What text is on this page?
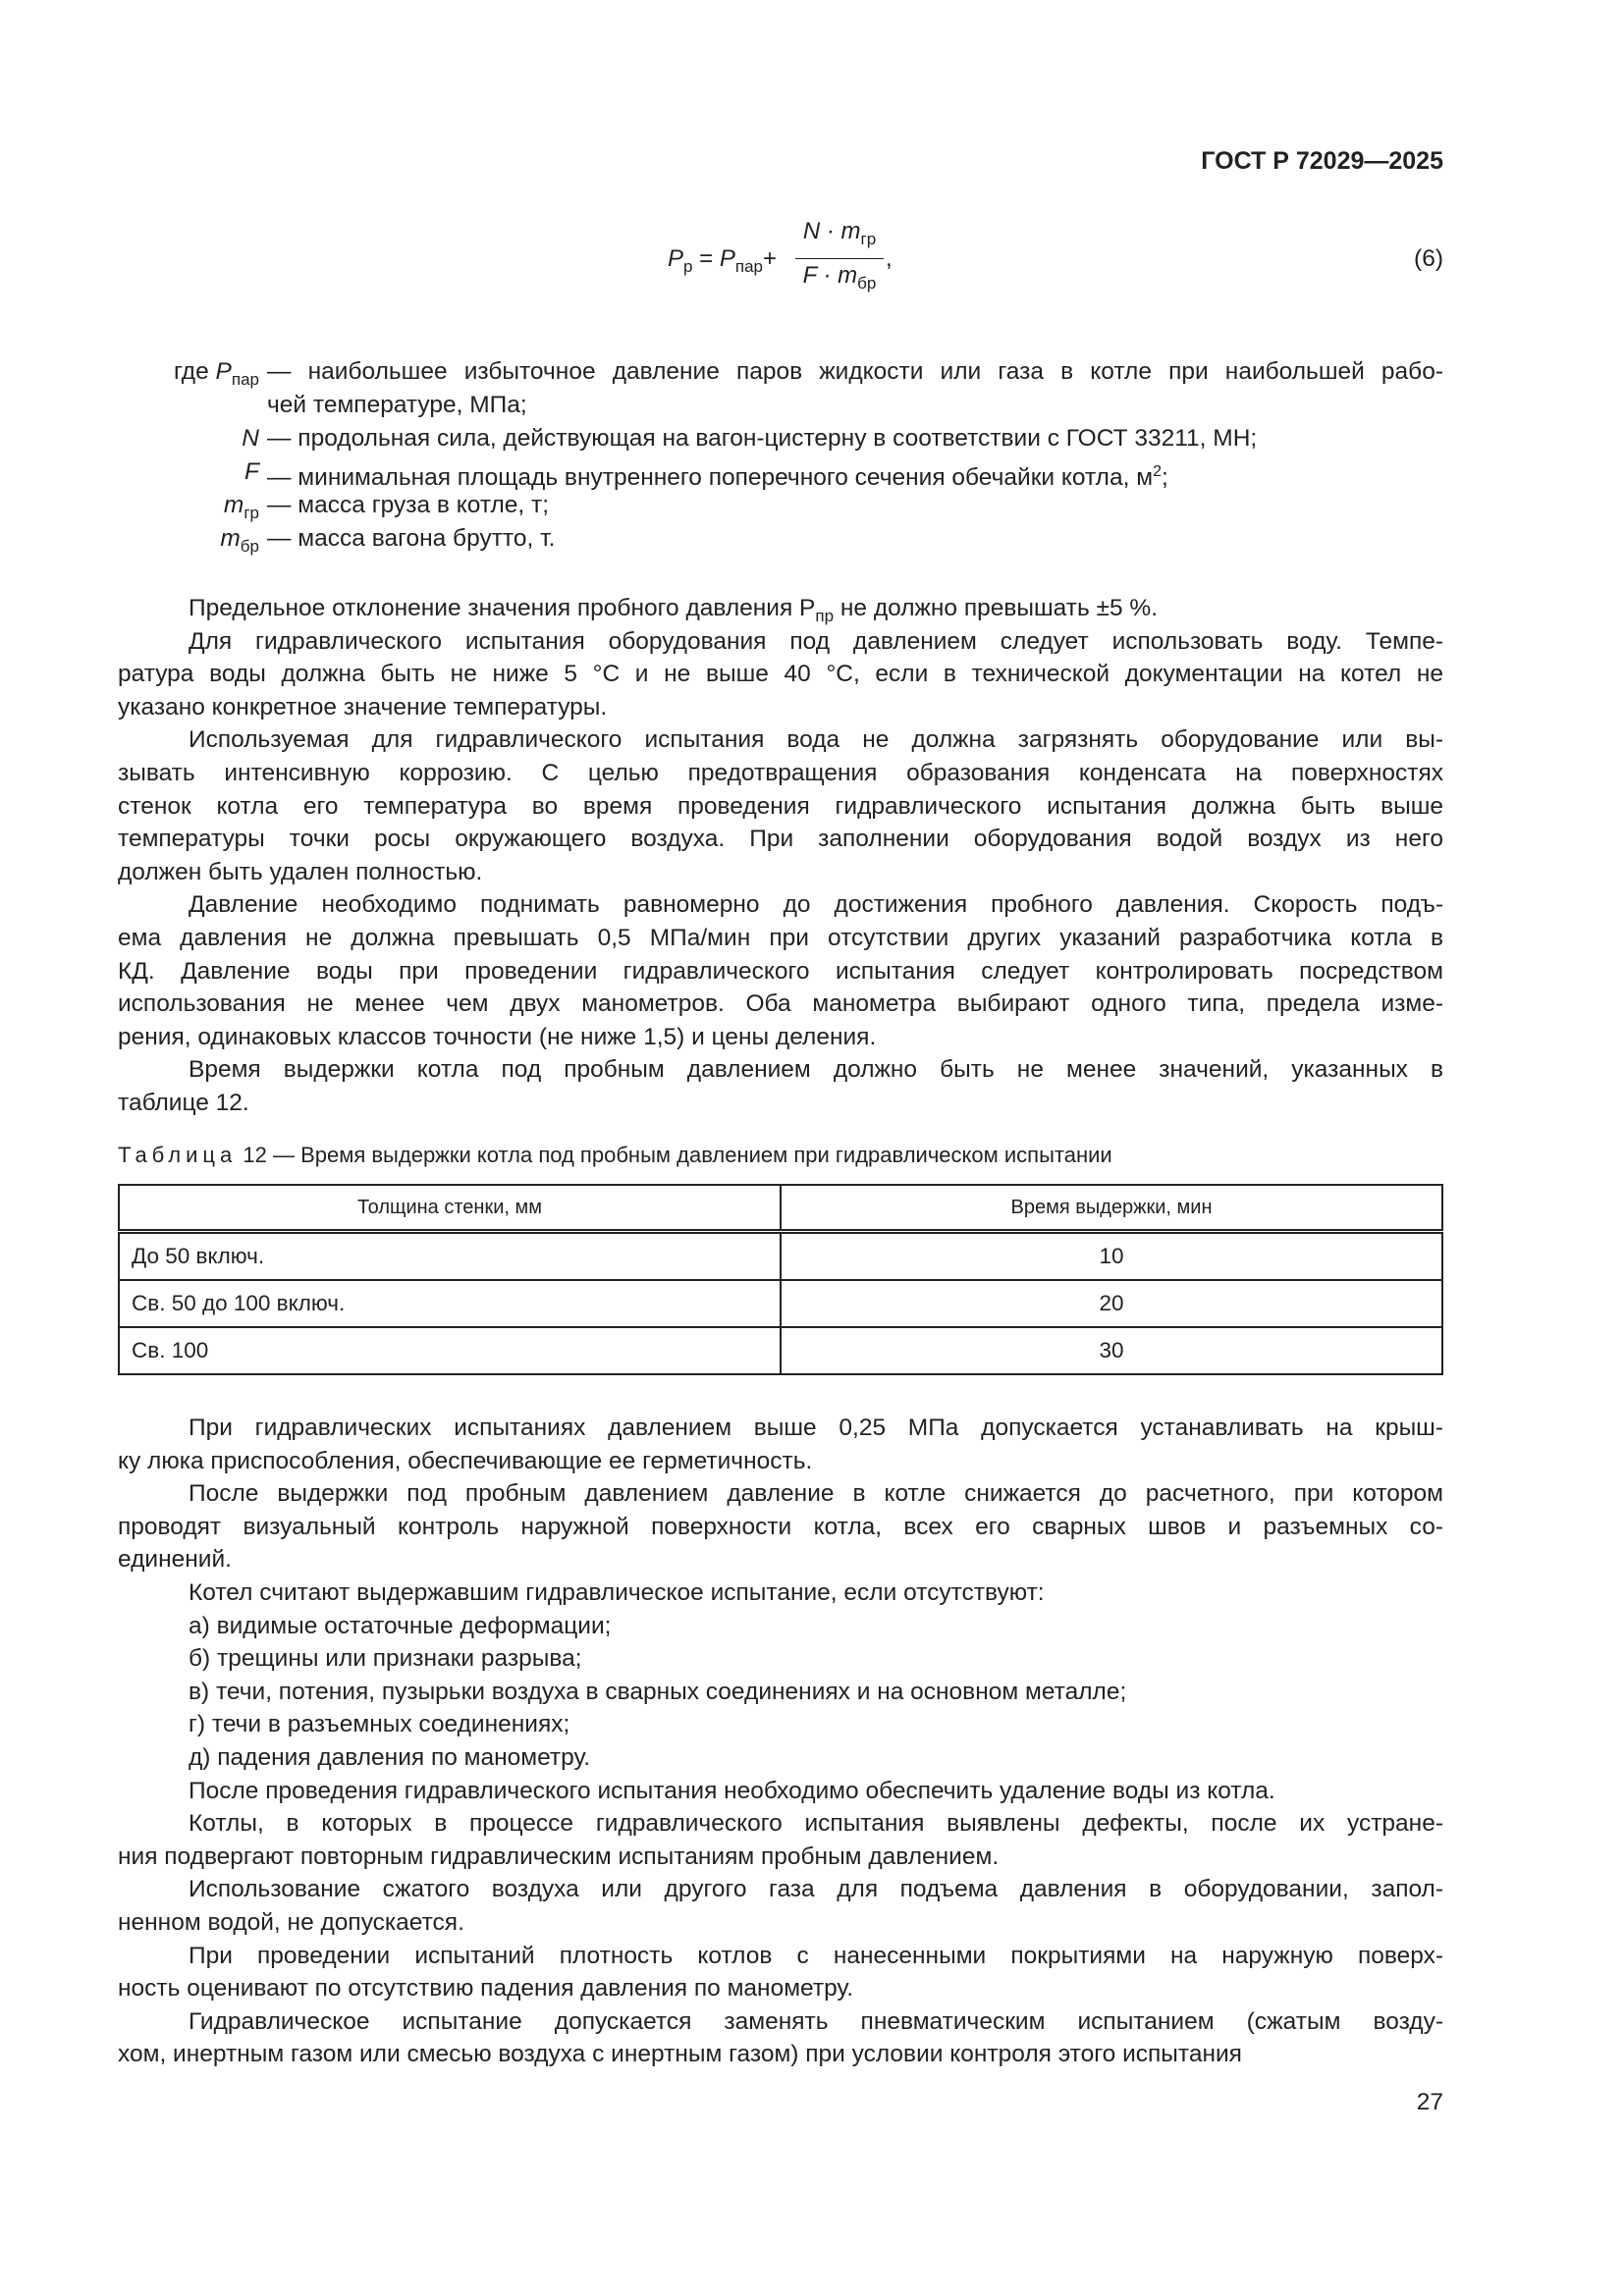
ГОСТ Р 72029—2025
$P_р = P_{пар}+$
$N \cdot m_{гр}$
$F \cdot m_{бр}$
,	(6)
где $P_{пар}$ — наибольшее избыточное давление паров жидкости или газа в котле при наибольшей рабо-
чей температуре, МПа;
N — продольная сила, действующая на вагон-цистерну в соответствии с ГОСТ 33211, МН;
F — минимальная площадь внутреннего поперечного сечения обечайки котла, $м^2$;
$m_{гр}$ — масса груза в котле, т;
$m_{бр}$ — масса вагона брутто, т.
Предельное отклонение значения пробного давления $P_{пр}$ не должно превышать ±5 %.
Для гидравлического испытания оборудования под давлением следует использовать воду. Темпе-
ратура воды должна быть не ниже 5 °C и не выше 40 °C, если в технической документации на котел не
указано конкретное значение температуры.
Используемая для гидравлического испытания вода не должна загрязнять оборудование или вы-
зывать интенсивную коррозию. С целью предотвращения образования конденсата на поверхностях
стенок котла его температура во время проведения гидравлического испытания должна быть выше
температуры точки росы окружающего воздуха. При заполнении оборудования водой воздух из него
должен быть удален полностью.
Давление необходимо поднимать равномерно до достижения пробного давления. Скорость подъ-
ема давления не должна превышать 0,5 МПа/мин при отсутствии других указаний разработчика котла в
КД. Давление воды при проведении гидравлического испытания следует контролировать посредством
использования не менее чем двух манометров. Оба манометра выбирают одного типа, предела изме-
рения, одинаковых классов точности (не ниже 1,5) и цены деления.
Время выдержки котла под пробным давлением должно быть не менее значений, указанных в
таблице 12.
Таблица 12 — Время выдержки котла под пробным давлением при гидравлическом испытании
Толщина стенки, мм	Время выдержки, мин
До 50 включ.	10
Св. 50 до 100 включ.	20
Св. 100	30
При гидравлических испытаниях давлением выше 0,25 МПа допускается устанавливать на крыш-
ку люка приспособления, обеспечивающие ее герметичность.
После выдержки под пробным давлением давление в котле снижается до расчетного, при котором
проводят визуальный контроль наружной поверхности котла, всех его сварных швов и разъемных со-
единений.
Котел считают выдержавшим гидравлическое испытание, если отсутствуют:
а) видимые остаточные деформации;
б) трещины или признаки разрыва;
в) течи, потения, пузырьки воздуха в сварных соединениях и на основном металле;
г) течи в разъемных соединениях;
д) падения давления по манометру.
После проведения гидравлического испытания необходимо обеспечить удаление воды из котла.
Котлы, в которых в процессе гидравлического испытания выявлены дефекты, после их устране-
ния подвергают повторным гидравлическим испытаниям пробным давлением.
Использование сжатого воздуха или другого газа для подъема давления в оборудовании, запол-
ненном водой, не допускается.
При проведении испытаний плотность котлов с нанесенными покрытиями на наружную поверх-
ность оценивают по отсутствию падения давления по манометру.
Гидравлическое испытание допускается заменять пневматическим испытанием (сжатым возду-
хом, инертным газом или смесью воздуха с инертным газом) при условии контроля этого испытания
27
